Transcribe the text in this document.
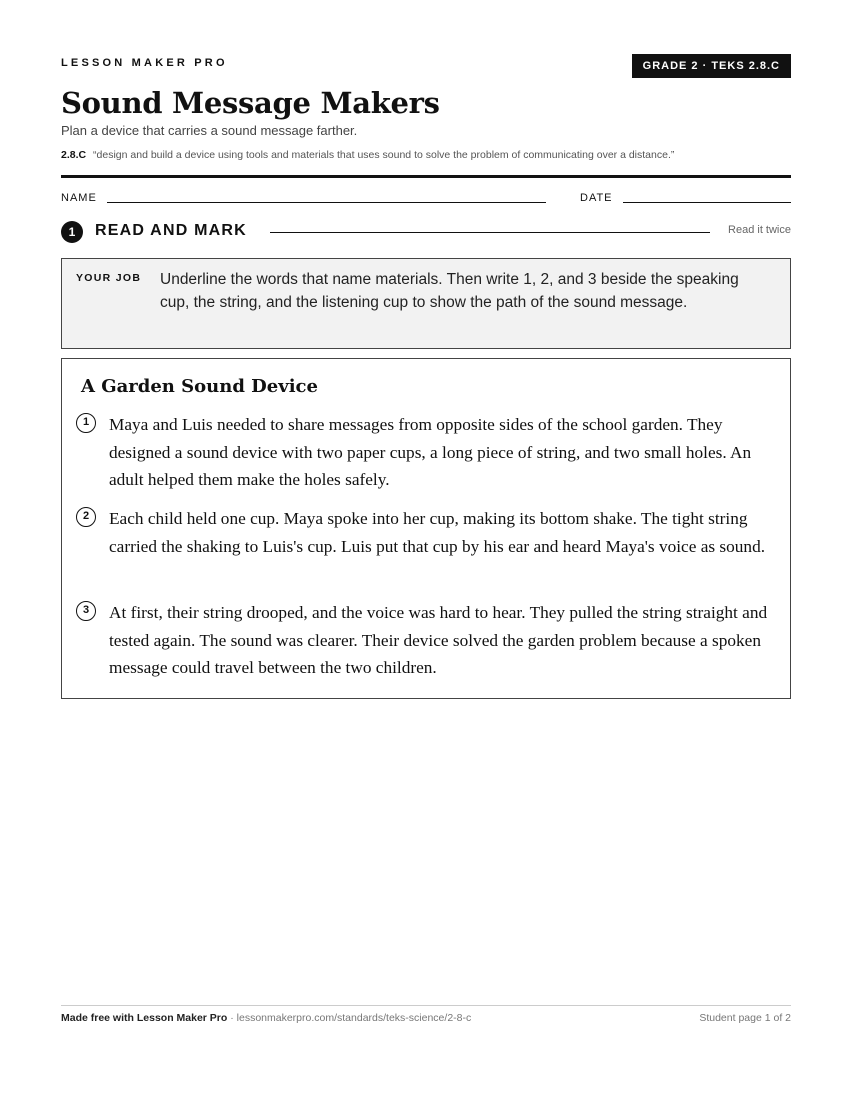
LESSON MAKER PRO	GRADE 2 · TEKS 2.8.C
Sound Message Makers
Plan a device that carries a sound message farther.
2.8.C “design and build a device using tools and materials that uses sound to solve the problem of communicating over a distance.”
NAME	DATE
1	READ AND MARK	Read it twice
YOUR JOB Underline the words that name materials. Then write 1, 2, and 3 beside the speaking cup, the string, and the listening cup to show the path of the sound message.
A Garden Sound Device
1	Maya and Luis needed to share messages from opposite sides of the school garden. They designed a sound device with two paper cups, a long piece of string, and two small holes. An adult helped them make the holes safely.
2	Each child held one cup. Maya spoke into her cup, making its bottom shake. The tight string carried the shaking to Luis's cup. Luis put that cup by his ear and heard Maya's voice as sound.
3	At first, their string drooped, and the voice was hard to hear. They pulled the string straight and tested again. The sound was clearer. Their device solved the garden problem because a spoken message could travel between the two children.
Made free with Lesson Maker Pro · lessonmakerpro.com/standards/teks-science/2-8-c	Student page 1 of 2
